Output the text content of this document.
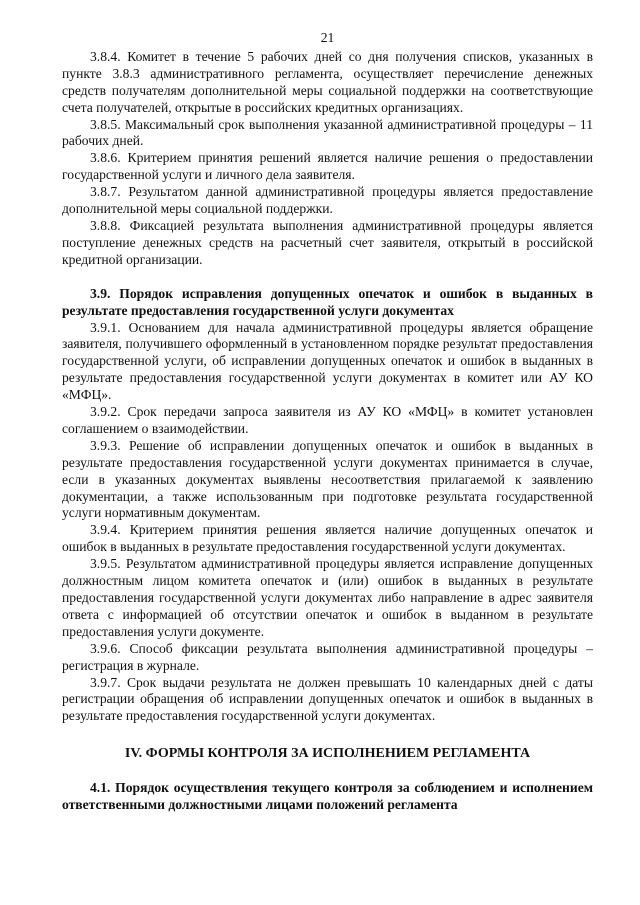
21

3.8.4. Комитет в течение 5 рабочих дней со дня получения списков, указанных в пункте 3.8.3 административного регламента, осуществляет перечисление денежных средств получателям дополнительной меры социальной поддержки на соответствующие счета получателей, открытые в российских кредитных организациях.

3.8.5. Максимальный срок выполнения указанной административной процедуры – 11 рабочих дней.

3.8.6. Критерием принятия решений является наличие решения о предоставлении государственной услуги и личного дела заявителя.

3.8.7. Результатом данной административной процедуры является предоставление дополнительной меры социальной поддержки.

3.8.8. Фиксацией результата выполнения административной процедуры является поступление денежных средств на расчетный счет заявителя, открытый в российской кредитной организации.

3.9. Порядок исправления допущенных опечаток и ошибок в выданных в результате предоставления государственной услуги документах

3.9.1. Основанием для начала административной процедуры является обращение заявителя, получившего оформленный в установленном порядке результат предоставления государственной услуги, об исправлении допущенных опечаток и ошибок в выданных в результате предоставления государственной услуги документах в комитет или АУ КО «МФЦ».

3.9.2. Срок передачи запроса заявителя из АУ КО «МФЦ» в комитет установлен соглашением о взаимодействии.

3.9.3. Решение об исправлении допущенных опечаток и ошибок в выданных в результате предоставления государственной услуги документах принимается в случае, если в указанных документах выявлены несоответствия прилагаемой к заявлению документации, а также использованным при подготовке результата государственной услуги нормативным документам.

3.9.4. Критерием принятия решения является наличие допущенных опечаток и ошибок в выданных в результате предоставления государственной услуги документах.

3.9.5. Результатом административной процедуры является исправление допущенных должностным лицом комитета опечаток и (или) ошибок в выданных в результате предоставления государственной услуги документах либо направление в адрес заявителя ответа с информацией об отсутствии опечаток и ошибок в выданном в результате предоставления услуги документе.

3.9.6. Способ фиксации результата выполнения административной процедуры – регистрация в журнале.

3.9.7. Срок выдачи результата не должен превышать 10 календарных дней с даты регистрации обращения об исправлении допущенных опечаток и ошибок в выданных в результате предоставления государственной услуги документах.

IV. ФОРМЫ КОНТРОЛЯ ЗА ИСПОЛНЕНИЕМ РЕГЛАМЕНТА

4.1. Порядок осуществления текущего контроля за соблюдением и исполнением ответственными должностными лицами положений регламента
